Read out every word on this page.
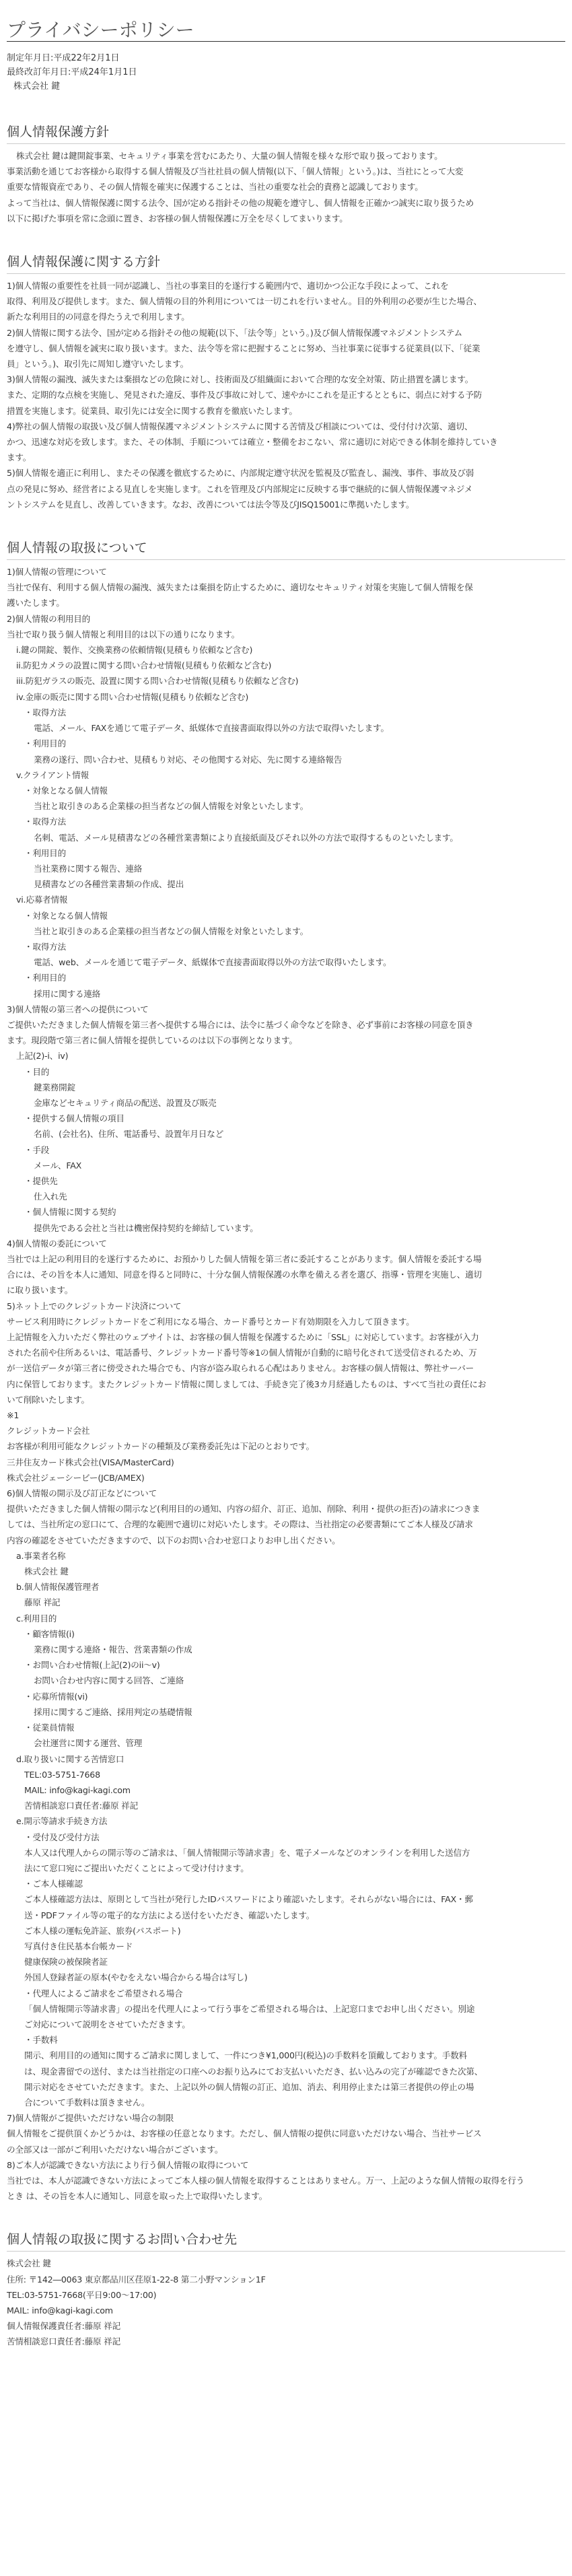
プライバシーポリシー

制定年月日:平成22年2月1日

最終改訂年月日:平成24年1月1日

株式会社 鍵

個人情報保護方針

株式会社 鍵は鍵開錠事業、セキュリティ事業を営むにあたり、大量の個人情報を様々な形で取り扱っております。

事業活動を通じてお客様から取得する個人情報及び当社社員の個人情報(以下、「個人情報」という。)は、当社にとって大変

重要な情報資産であり、その個人情報を確実に保護することは、当社の重要な社会的責務と認識しております。

よって当社は、個人情報保護に関する法令、国が定める指針その他の規範を遵守し、個人情報を正確かつ誠実に取り扱うため

以下に掲げた事項を常に念頭に置き、お客様の個人情報保護に万全を尽くしてまいります。

個人情報保護に関する方針

1)個人情報の重要性を社員一同が認識し、当社の事業目的を遂行する範囲内で、適切かつ公正な手段によって、これを

取得、利用及び提供します。また、個人情報の目的外利用については一切これを行いません。目的外利用の必要が生じた場合、

新たな利用目的の同意を得たうえで利用します。

2)個人情報に関する法令、国が定める指針その他の規範(以下、「法令等」という。)及び個人情報保護マネジメントシステム

を遵守し、個人情報を誠実に取り扱います。また、法令等を常に把握することに努め、当社事業に従事する従業員(以下、「従業

員」という。)、取引先に周知し遵守いたします。

3)個人情報の漏洩、滅失または棄損などの危険に対し、技術面及び組織面において合理的な安全対策、防止措置を講じます。

また、定期的な点検を実施し、発見された違反、事件及び事故に対して、速やかにこれを是正するとともに、弱点に対する予防

措置を実施します。従業員、取引先には安全に関する教育を徹底いたします。

4)弊社の個人情報の取扱い及び個人情報保護マネジメントシステムに関する苦情及び相談については、受付付け次第、適切、

かつ、迅速な対応を致します。また、その体制、手順については確立・整備をおこない、常に適切に対応できる体制を維持していき

ます。

5)個人情報を適正に利用し、またその保護を徹底するために、内部規定遵守状況を監視及び監査し、漏洩、事件、事故及び弱

点の発見に努め、経営者による見直しを実施します。これを管理及び内部規定に反映する事で継続的に個人情報保護マネジメ

ントシステムを見直し、改善していきます。なお、改善については法令等及びJISQ15001に準拠いたします。

個人情報の取扱について

1)個人情報の管理について

当社で保有、利用する個人情報の漏洩、滅失または棄損を防止するために、適切なセキュリティ対策を実施して個人情報を保

護いたします。

2)個人情報の利用目的

当社で取り扱う個人情報と利用目的は以下の通りになります。

i.鍵の開錠、製作、交換業務の依頼情報(見積もり依頼など含む)

ii.防犯カメラの設置に関する問い合わせ情報(見積もり依頼など含む)

iii.防犯ガラスの販売、設置に関する問い合わせ情報(見積もり依頼など含む)

iv.金庫の販売に関する問い合わせ情報(見積もり依頼など含む)

・取得方法

電話、メール、FAXを通じて電子データ、紙媒体で直接書面取得以外の方法で取得いたします。

・利用目的

業務の遂行、問い合わせ、見積もり対応、その他関する対応、先に関する連絡報告

v.クライアント情報

・対象となる個人情報

当社と取引きのある企業様の担当者などの個人情報を対象といたします。

・取得方法

名刺、電話、メール見積書などの各種営業書類により直接紙面及びそれ以外の方法で取得するものといたします。

・利用目的

当社業務に関する報告、連絡

見積書などの各種営業書類の作成、提出

vi.応募者情報

・対象となる個人情報

当社と取引きのある企業様の担当者などの個人情報を対象といたします。

・取得方法

電話、web、メールを通じて電子データ、紙媒体で直接書面取得以外の方法で取得いたします。

・利用目的

採用に関する連絡

3)個人情報の第三者への提供について

ご提供いただきました個人情報を第三者へ提供する場合には、法令に基づく命令などを除き、必ず事前にお客様の同意を頂き

ます。現段階で第三者に個人情報を提供しているのは以下の事例となります。

上記(2)-i、iv)

・目的

鍵業務開錠

金庫などセキュリティ商品の配送、設置及び販売

・提供する個人情報の項目

名前、(会社名)、住所、電話番号、設置年月日など

・手段

メール、FAX

・提供先

仕入れ先

・個人情報に関する契約

提供先である会社と当社は機密保持契約を締結しています。

4)個人情報の委託について

当社では上記の利用目的を遂行するために、お預かりした個人情報を第三者に委託することがあります。個人情報を委託する場

合には、その旨を本人に通知、同意を得ると同時に、十分な個人情報保護の水準を備える者を選び、指導・管理を実施し、適切

に取り扱います。

5)ネット上でのクレジットカード決済について

サービス利用時にクレジットカードをご利用になる場合、カード番号とカード有効期限を入力して頂きます。

上記情報を入力いただく弊社のウェブサイトは、お客様の個人情報を保護するために「SSL」に対応しています。お客様が入力

された名前や住所あるいは、電話番号、クレジットカード番号等※1の個人情報が自動的に暗号化されて送受信されるため、万

が一送信データが第三者に傍受された場合でも、内容が盗み取られる心配はありません。お客様の個人情報は、弊社サーバー

内に保管しております。またクレジットカード情報に関しましては、手続き完了後3カ月経過したものは、すべて当社の責任にお

いて削除いたします。

※1

クレジットカード会社

お客様が利用可能なクレジットカードの種類及び業務委託先は下記のとおりです。

三井住友カード株式会社(VISA/MasterCard)

株式会社ジェーシービー(JCB/AMEX)

6)個人情報の開示及び訂正などについて

提供いただきました個人情報の開示など(利用目的の通知、内容の紹介、訂正、追加、削除、利用・提供の拒否)の請求につきま

しては、当社所定の窓口にて、合理的な範囲で適切に対応いたします。その際は、当社指定の必要書類にてご本人様及び請求

内容の確認をさせていただきますので、以下のお問い合わせ窓口よりお申し出ください。

a.事業者名称

株式会社 鍵

b.個人情報保護管理者

藤原 祥記

c.利用目的

・顧客情報(i)

業務に関する連絡・報告、営業書類の作成

・お問い合わせ情報(上記(2)のii〜v)

お問い合わせ内容に関する回答、ご連絡

・応募所情報(vi)

採用に関するご連絡、採用判定の基礎情報

・従業員情報

会社運営に関する運営、管理

d.取り扱いに関する苦情窓口

TEL:03-5751-7668

MAIL: info@kagi-kagi.com

苦情相談窓口責任者:藤原 祥記

e.開示等請求手続き方法

・受付及び受付方法

本人又は代理人からの開示等のご請求は、「個人情報開示等請求書」を、電子メールなどのオンラインを利用した送信方

法にて窓口宛にご提出いただくことによって受け付けます。

・ご本人様確認

ご本人様確認方法は、原則として当社が発行したIDパスワードにより確認いたします。それらがない場合には、FAX・郵

送・PDFファイル等の電子的な方法による送付をいただき、確認いたします。

ご本人様の運転免許証、旅券(パスポート)

写真付き住民基本台帳カード

健康保険の被保険者証

外国人登録者証の原本(やむをえない場合からる場合は写し)

・代理人によるご請求をご希望される場合

「個人情報開示等請求書」の提出を代理人によって行う事をご希望される場合は、上記窓口までお申し出ください。別途

ご対応について説明をさせていただきます。

・手数料

開示、利用目的の通知に関するご請求に関しまして、一件につき¥1,000円(税込)の手数料を頂戴しております。手数料

は、現金書留での送付、または当社指定の口座へのお振り込みにてお支払いいただき、払い込みの完了が確認できた次第、

開示対応をさせていただきます。また、上記以外の個人情報の訂正、追加、消去、利用停止または第三者提供の停止の場

合について手数料は頂きません。

7)個人情報がご提供いただけない場合の制限

個人情報をご提供頂くかどうかは、お客様の任意となります。ただし、個人情報の提供に同意いただけない場合、当社サービス

の全部又は一部がご利用いただけない場合がございます。

8)ご本人が認識できない方法により行う個人情報の取得について

当社では、本人が認識できない方法によってご本人様の個人情報を取得することはありません。万一、上記のような個人情報の取得を行う

とき は、その旨を本人に通知し、同意を取った上で取得いたします。

個人情報の取扱に関するお問い合わせ先

株式会社 鍵

住所: 〒142―0063 東京都品川区荏原1-22-8 第二小野マンション1F

TEL:03-5751-7668(平日9:00〜17:00)

MAIL: info@kagi-kagi.com

個人情報保護責任者:藤原 祥記

苦情相談窓口責任者:藤原 祥記
